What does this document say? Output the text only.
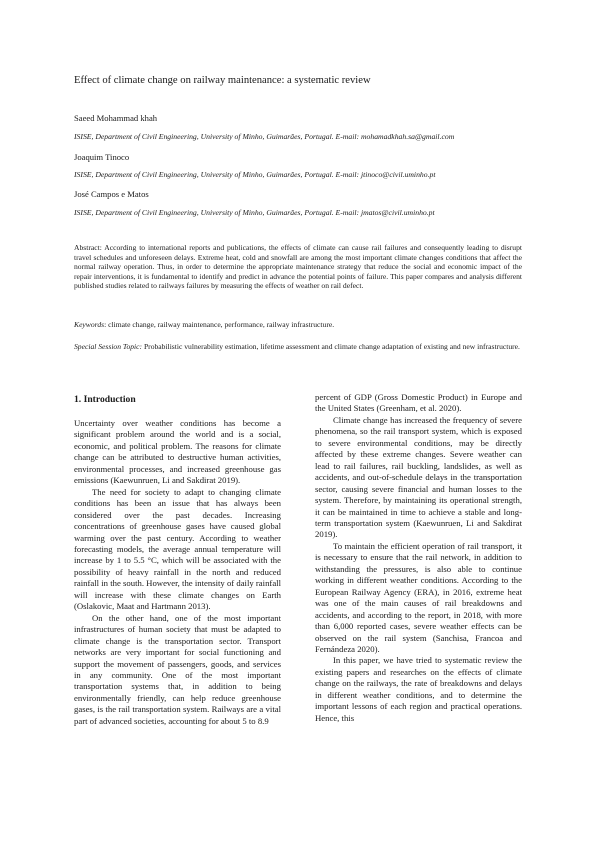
Effect of climate change on railway maintenance: a systematic review
Saeed Mohammad khah
ISISE, Department of Civil Engineering, University of Minho, Guimarães, Portugal. E-mail: mohamadkhah.sa@gmail.com
Joaquim Tinoco
ISISE, Department of Civil Engineering, University of Minho, Guimarães, Portugal. E-mail: jtinoco@civil.uminho.pt
José Campos e Matos
ISISE, Department of Civil Engineering, University of Minho, Guimarães, Portugal. E-mail: jmatos@civil.uminho.pt
Abstract: According to international reports and publications, the effects of climate can cause rail failures and consequently leading to disrupt travel schedules and unforeseen delays. Extreme heat, cold and snowfall are among the most important climate changes conditions that affect the normal railway operation. Thus, in order to determine the appropriate maintenance strategy that reduce the social and economic impact of the repair interventions, it is fundamental to identify and predict in advance the potential points of failure. This paper compares and analysis different published studies related to railways failures by measuring the effects of weather on rail defect.
Keywords: climate change, railway maintenance, performance, railway infrastructure.
Special Session Topic: Probabilistic vulnerability estimation, lifetime assessment and climate change adaptation of existing and new infrastructure.
1. Introduction

Uncertainty over weather conditions has become a significant problem around the world and is a social, economic, and political problem. The reasons for climate change can be attributed to destructive human activities, environmental processes, and increased greenhouse gas emissions (Kaewunruen, Li and Sakdirat 2019).

The need for society to adapt to changing climate conditions has been an issue that has always been considered over the past decades. Increasing concentrations of greenhouse gases have caused global warming over the past century. According to weather forecasting models, the average annual temperature will increase by 1 to 5.5 °C, which will be associated with the possibility of heavy rainfall in the north and reduced rainfall in the south. However, the intensity of daily rainfall will increase with these climate changes on Earth (Oslakovic, Maat and Hartmann 2013).

On the other hand, one of the most important infrastructures of human society that must be adapted to climate change is the transportation sector. Transport networks are very important for social functioning and support the movement of passengers, goods, and services in any community. One of the most important transportation systems that, in addition to being environmentally friendly, can help reduce greenhouse gases, is the rail transportation system. Railways are a vital part of advanced societies, accounting for about 5 to 8.9

percent of GDP (Gross Domestic Product) in Europe and the United States (Greenham, et al. 2020).

Climate change has increased the frequency of severe phenomena, so the rail transport system, which is exposed to severe environmental conditions, may be directly affected by these extreme changes. Severe weather can lead to rail failures, rail buckling, landslides, as well as accidents, and out-of-schedule delays in the transportation sector, causing severe financial and human losses to the system. Therefore, by maintaining its operational strength, it can be maintained in time to achieve a stable and long-term transportation system (Kaewunruen, Li and Sakdirat 2019).

To maintain the efficient operation of rail transport, it is necessary to ensure that the rail network, in addition to withstanding the pressures, is also able to continue working in different weather conditions. According to the European Railway Agency (ERA), in 2016, extreme heat was one of the main causes of rail breakdowns and accidents, and according to the report, in 2018, with more than 6,000 reported cases, severe weather effects can be observed on the rail system (Sanchisa, Francoa and Fernándeza 2020).

In this paper, we have tried to systematic review the existing papers and researches on the effects of climate change on the railways, the rate of breakdowns and delays in different weather conditions, and to determine the important lessons of each region and practical operations. Hence, this
